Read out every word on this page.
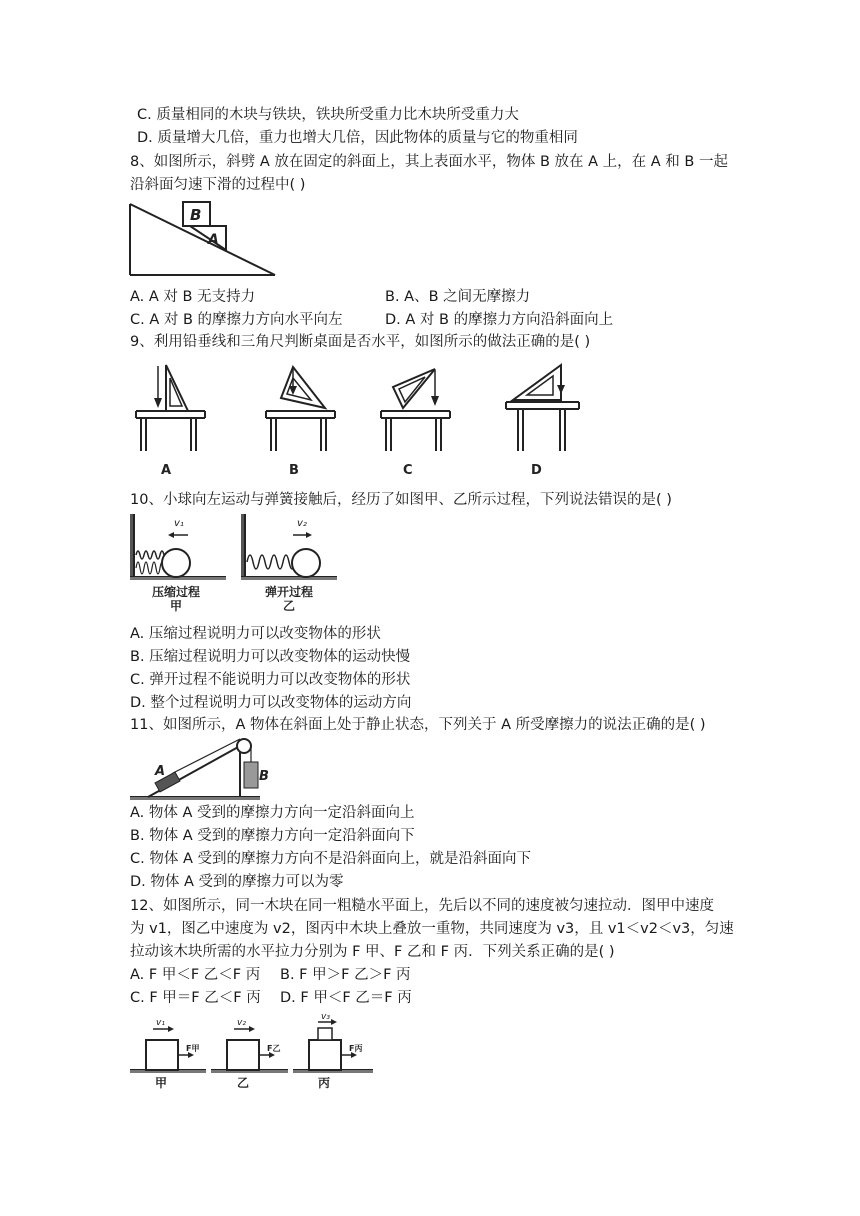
C. 质量相同的木块与铁块，铁块所受重力比木块所受重力大
D. 质量增大几倍，重力也增大几倍，因此物体的质量与它的物重相同
8、如图所示，斜劈 A 放在固定的斜面上，其上表面水平，物体 B 放在 A 上，在 A 和 B 一起
沿斜面匀速下滑的过程中( )
B
A
A. A 对 B 无支持力	B. A、B 之间无摩擦力
C. A 对 B 的摩擦力方向水平向左	D. A 对 B 的摩擦力方向沿斜面向上
9、利用铅垂线和三角尺判断桌面是否水平，如图所示的做法正确的是( )
A	B	C	D
10、小球向左运动与弹簧接触后，经历了如图甲、乙所示过程，下列说法错误的是( )
v₁
压缩过程
甲
v₂
弹开过程
乙
A. 压缩过程说明力可以改变物体的形状
B. 压缩过程说明力可以改变物体的运动快慢
C. 弹开过程不能说明力可以改变物体的形状
D. 整个过程说明力可以改变物体的运动方向
11、如图所示，A 物体在斜面上处于静止状态，下列关于 A 所受摩擦力的说法正确的是( )
A	B
A. 物体 A 受到的摩擦力方向一定沿斜面向上
B. 物体 A 受到的摩擦力方向一定沿斜面向下
C. 物体 A 受到的摩擦力方向不是沿斜面向上，就是沿斜面向下
D. 物体 A 受到的摩擦力可以为零
12、如图所示，同一木块在同一粗糙水平面上，先后以不同的速度被匀速拉动．图甲中速度
为 v1，图乙中速度为 v2，图丙中木块上叠放一重物，共同速度为 v3，且 v1＜v2＜v3，匀速
拉动该木块所需的水平拉力分别为 F 甲、F 乙和 F 丙．下列关系正确的是( )
A. F 甲＜F 乙＜F 丙 B. F 甲＞F 乙＞F 丙
C. F 甲＝F 乙＜F 丙 D. F 甲＜F 乙＝F 丙
v₁
F甲
甲
v₂
F乙
乙
v₃
F丙
丙
